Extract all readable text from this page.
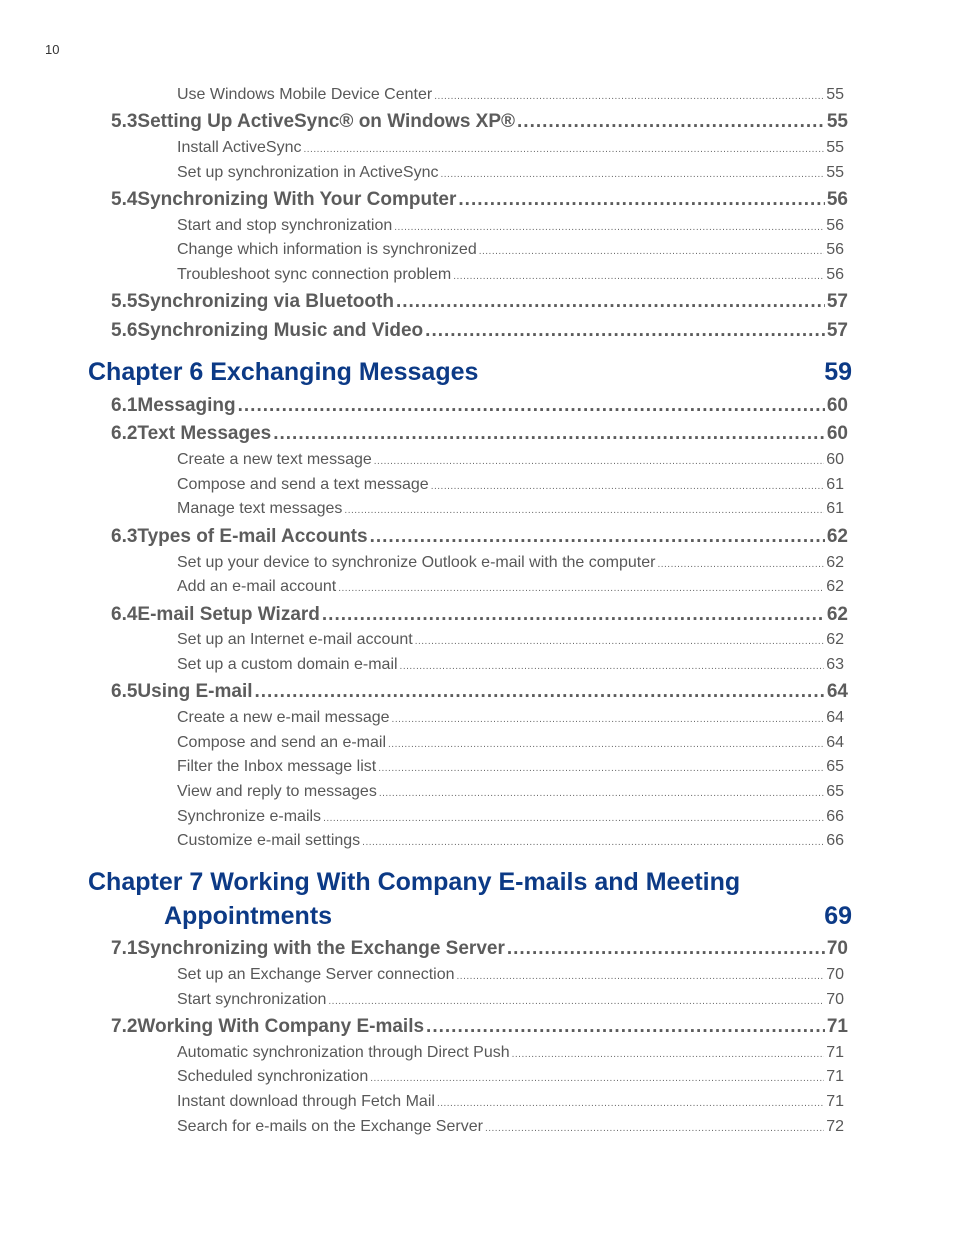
10
Use Windows Mobile Device Center .....	55
5.3 Setting Up ActiveSync® on Windows XP® .....	55
Install ActiveSync .....	55
Set up synchronization in ActiveSync .....	55
5.4 Synchronizing With Your Computer .....	56
Start and stop synchronization .....	56
Change which information is synchronized .....	56
Troubleshoot sync connection problem .....	56
5.5 Synchronizing via Bluetooth .....	57
5.6 Synchronizing Music and Video .....	57
Chapter 6 Exchanging Messages	59
6.1 Messaging .....	60
6.2 Text Messages .....	60
Create a new text message .....	60
Compose and send a text message .....	61
Manage text messages .....	61
6.3 Types of E-mail Accounts .....	62
Set up your device to synchronize Outlook e-mail with the computer .....	62
Add an e-mail account .....	62
6.4 E-mail Setup Wizard .....	62
Set up an Internet e-mail account .....	62
Set up a custom domain e-mail .....	63
6.5 Using E-mail .....	64
Create a new e-mail message .....	64
Compose and send an e-mail .....	64
Filter the Inbox message list .....	65
View and reply to messages .....	65
Synchronize e-mails .....	66
Customize e-mail settings .....	66
Chapter 7 Working With Company E-mails and Meeting
Appointments	69
7.1 Synchronizing with the Exchange Server .....	70
Set up an Exchange Server connection .....	70
Start synchronization .....	70
7.2 Working With Company E-mails .....	71
Automatic synchronization through Direct Push .....	71
Scheduled synchronization .....	71
Instant download through Fetch Mail .....	71
Search for e-mails on the Exchange Server .....	72
